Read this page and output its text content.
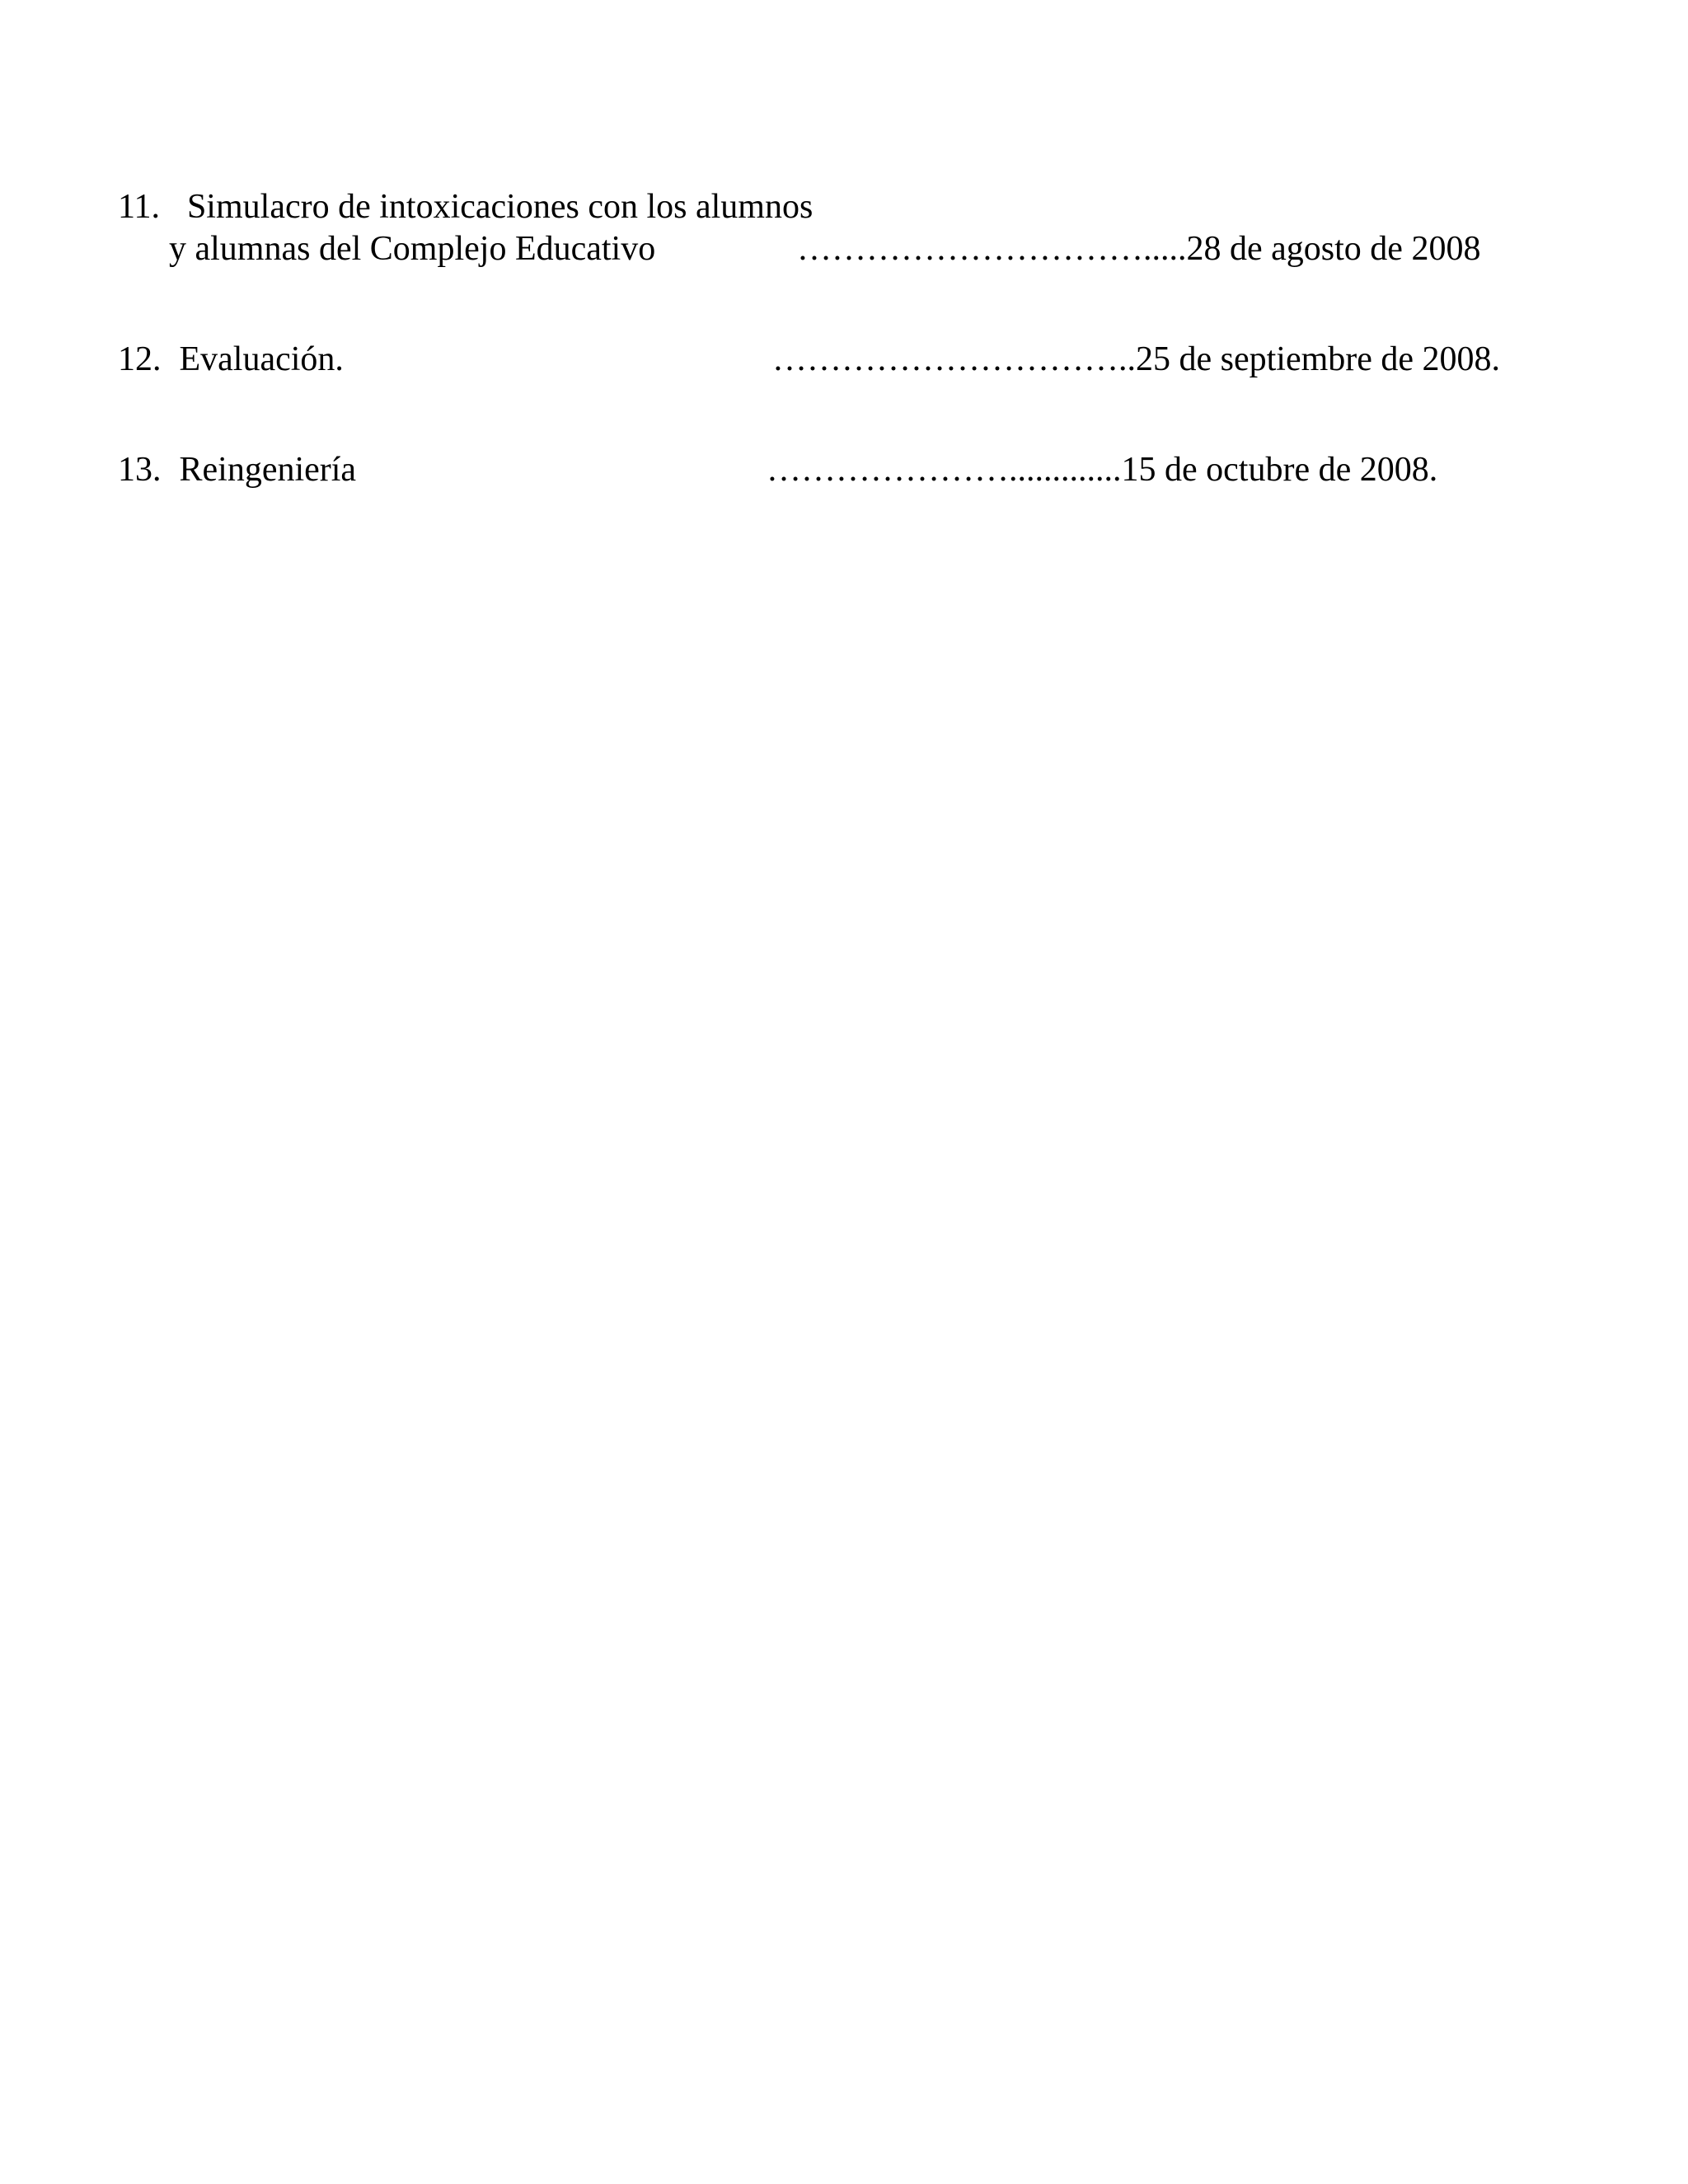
11. Simulacro de intoxicaciones con los alumnos
y alumnas del Complejo Educativo	………………………….....28 de agosto de 2008
12. Evaluación.	…………………………..25 de septiembre de 2008.
13. Reingeniería	………………….............15 de octubre de 2008.
